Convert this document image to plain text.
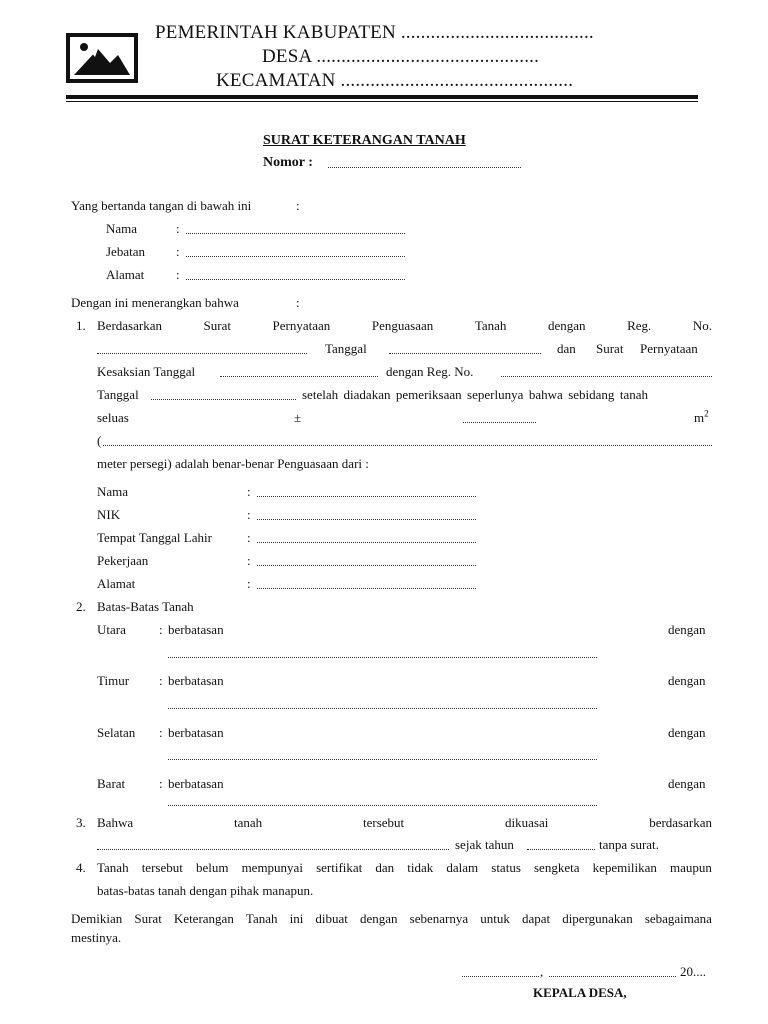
PEMERINTAH KABUPATEN .......................................
DESA .............................................
KECAMATAN ...............................................
SURAT KETERANGAN TANAH
Nomor :
Yang bertanda tangan di bawah ini	:
Nama	:
Jebatan :
Alamat :
Dengan ini menerangkan bahwa	:
1. Berdasarkan	Surat	Pernyataan	Penguasaan	Tanah	dengan	Reg.	No.
Tanggal	dan Surat Pernyataan
Kesaksian Tanggal	dengan Reg. No.
Tanggal	setelah diadakan pemeriksaan seperlunya bahwa sebidang tanah
seluas	±	$m^2$
(
meter persegi) adalah benar-benar Penguasaan dari :
Nama	:
NIK	:
Tempat Tanggal Lahir	:
Pekerjaan	:
Alamat	:
2. Batas-Batas Tanah
Utara	: berbatasan	dengan
Timur : berbatasan	dengan
Selatan : berbatasan	dengan
Barat	: berbatasan	dengan
3. Bahwa	tanah	tersebut	dikuasai	berdasarkan
sejak tahun	tanpa surat.
4. Tanah tersebut belum mempunyai sertifikat dan tidak dalam status sengketa kepemilikan maupun
batas-batas tanah dengan pihak manapun.
Demikian Surat Keterangan Tanah ini dibuat dengan sebenarnya untuk dapat dipergunakan sebagaimana
mestinya.
,	20....
KEPALA DESA,
